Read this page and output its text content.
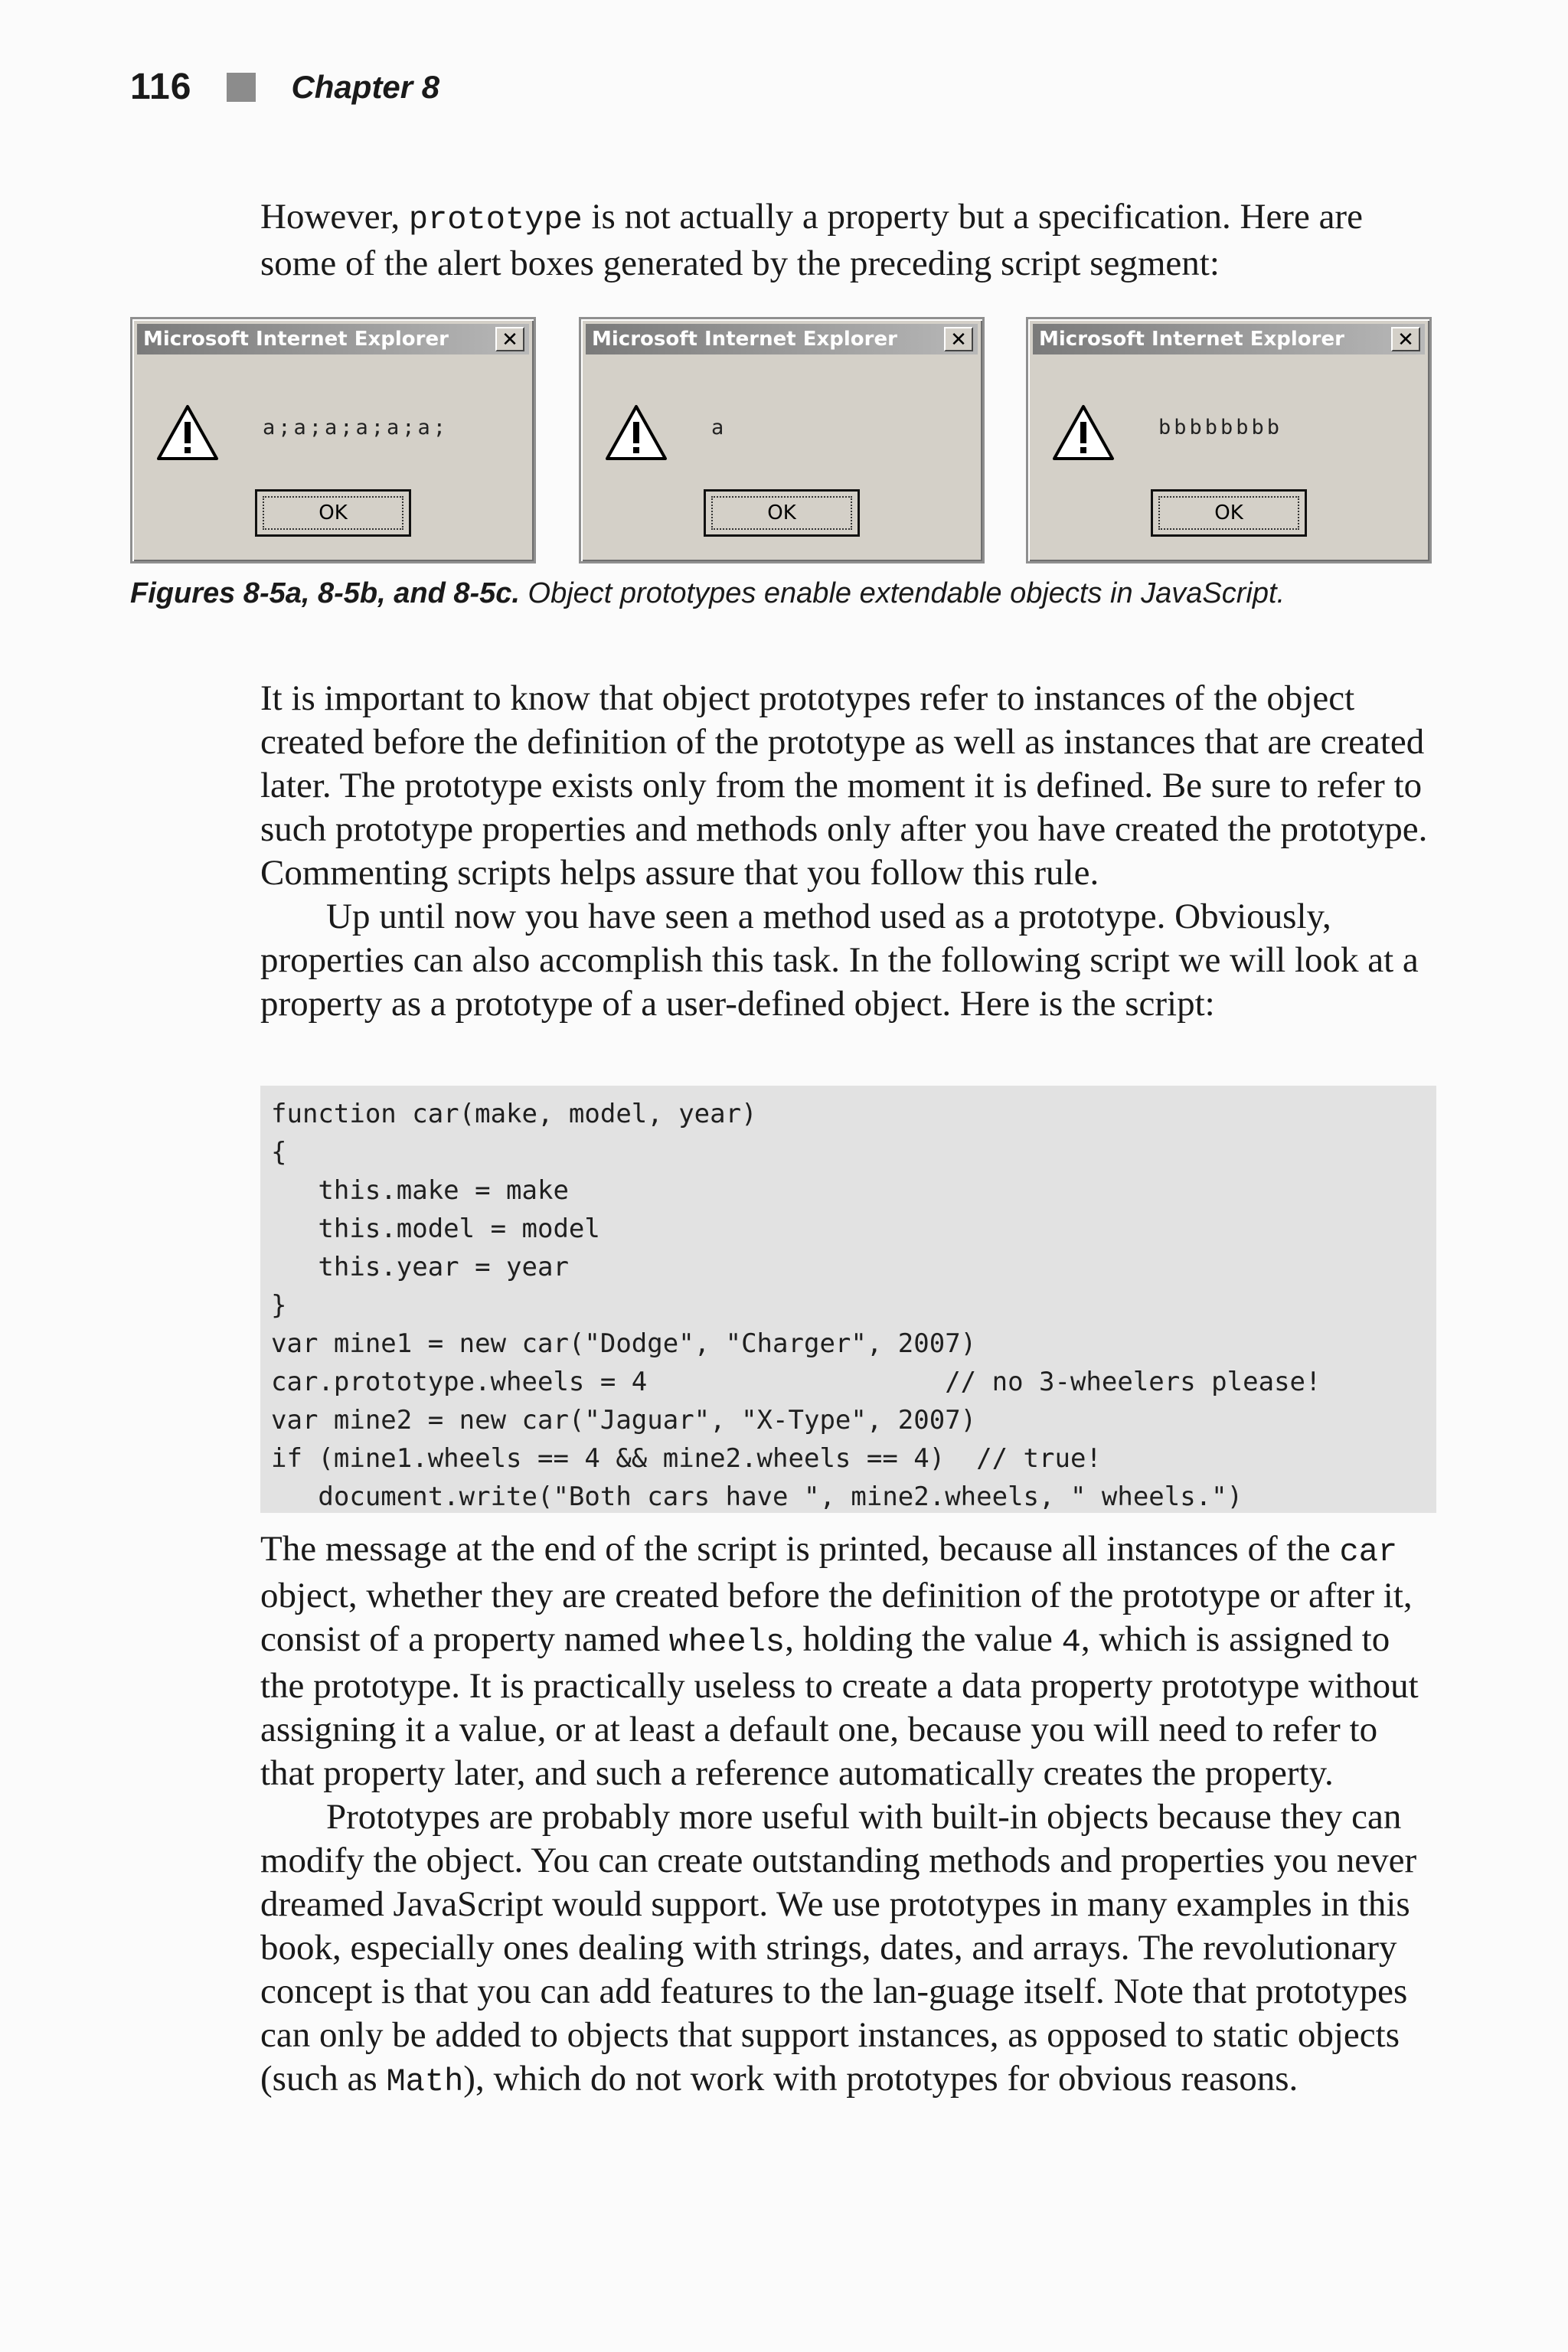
116	Chapter 8

However, prototype is not actually a property but a specification. Here are some of the alert boxes generated by the preceding script segment:

Microsoft Internet Explorer	✕
a;a;a;a;a;a;
OK
Microsoft Internet Explorer	✕
a
OK
Microsoft Internet Explorer	✕
bbbbbbbb
OK
Figures 8-5a, 8-5b, and 8-5c. Object prototypes enable extendable objects in JavaScript.

It is important to know that object prototypes refer to instances of the object created before the definition of the prototype as well as instances that are created later. The prototype exists only from the moment it is defined. Be sure to refer to such prototype properties and methods only after you have created the prototype. Commenting scripts helps assure that you follow this rule.

Up until now you have seen a method used as a prototype. Obviously, properties can also accomplish this task. In the following script we will look at a property as a prototype of a user-defined object. Here is the script:

function car(make, model, year)
{
this.make = make
this.model = model
this.year = year
}
var mine1 = new car("Dodge", "Charger", 2007)
car.prototype.wheels = 4                   // no 3-wheelers please!
var mine2 = new car("Jaguar", "X-Type", 2007)
if (mine1.wheels == 4 && mine2.wheels == 4)  // true!
document.write("Both cars have ", mine2.wheels, " wheels.")

The message at the end of the script is printed, because all instances of the car object, whether they are created before the definition of the prototype or after it, consist of a property named wheels, holding the value 4, which is assigned to the prototype. It is practically useless to create a data property prototype without assigning it a value, or at least a default one, because you will need to refer to that property later, and such a reference automatically creates the property.

Prototypes are probably more useful with built-in objects because they can modify the object. You can create outstanding methods and properties you never dreamed JavaScript would support. We use prototypes in many examples in this book, especially ones dealing with strings, dates, and arrays. The revolutionary concept is that you can add features to the lan-guage itself. Note that prototypes can only be added to objects that support instances, as opposed to static objects (such as Math), which do not work with prototypes for obvious reasons.
